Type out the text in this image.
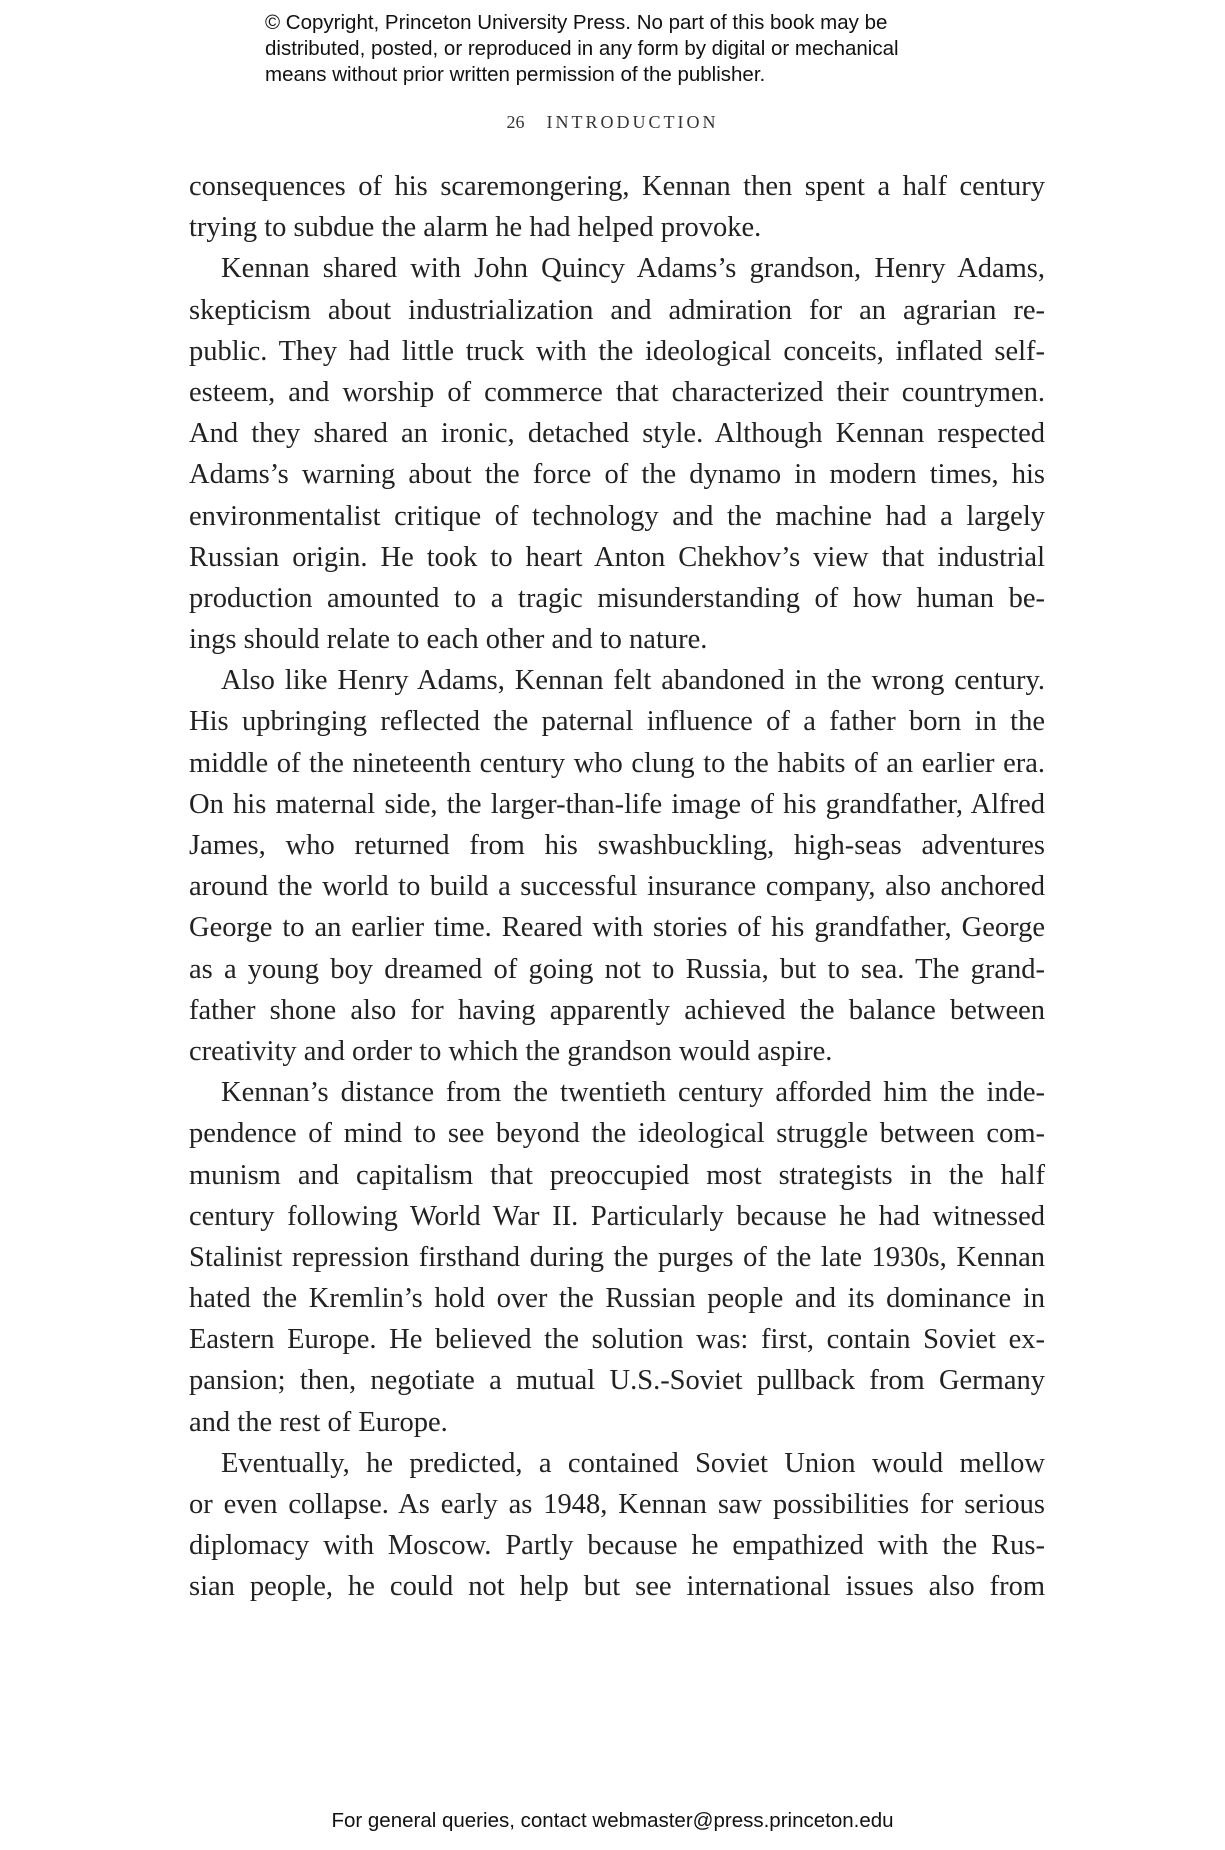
© Copyright, Princeton University Press. No part of this book may be
distributed, posted, or reproduced in any form by digital or mechanical
means without prior written permission of the publisher.
26 INTRODUCTION
consequences of his scaremongering, Kennan then spent a half century
trying to subdue the alarm he had helped provoke.
Kennan shared with John Quincy Adams’s grandson, Henry Adams,
skepticism about industrialization and admiration for an agrarian re-
public. They had little truck with the ideological conceits, inflated self-
esteem, and worship of commerce that characterized their countrymen.
And they shared an ironic, detached style. Although Kennan respected
Adams’s warning about the force of the dynamo in modern times, his
environmentalist critique of technology and the machine had a largely
Russian origin. He took to heart Anton Chekhov’s view that industrial
production amounted to a tragic misunderstanding of how human be-
ings should relate to each other and to nature.
Also like Henry Adams, Kennan felt abandoned in the wrong century.
His upbringing reflected the paternal influence of a father born in the
middle of the nineteenth century who clung to the habits of an earlier era.
On his maternal side, the larger-than-life image of his grandfather, Alfred
James, who returned from his swashbuckling, high-seas adventures
around the world to build a successful insurance company, also anchored
George to an earlier time. Reared with stories of his grandfather, George
as a young boy dreamed of going not to Russia, but to sea. The grand-
father shone also for having apparently achieved the balance between
creativity and order to which the grandson would aspire.
Kennan’s distance from the twentieth century afforded him the inde-
pendence of mind to see beyond the ideological struggle between com-
munism and capitalism that preoccupied most strategists in the half
century following World War II. Particularly because he had witnessed
Stalinist repression firsthand during the purges of the late 1930s, Kennan
hated the Kremlin’s hold over the Russian people and its dominance in
Eastern Europe. He believed the solution was: first, contain Soviet ex-
pansion; then, negotiate a mutual U.S.-Soviet pullback from Germany
and the rest of Europe.
Eventually, he predicted, a contained Soviet Union would mellow
or even collapse. As early as 1948, Kennan saw possibilities for serious
diplomacy with Moscow. Partly because he empathized with the Rus-
sian people, he could not help but see international issues also from
For general queries, contact webmaster@press.princeton.edu
